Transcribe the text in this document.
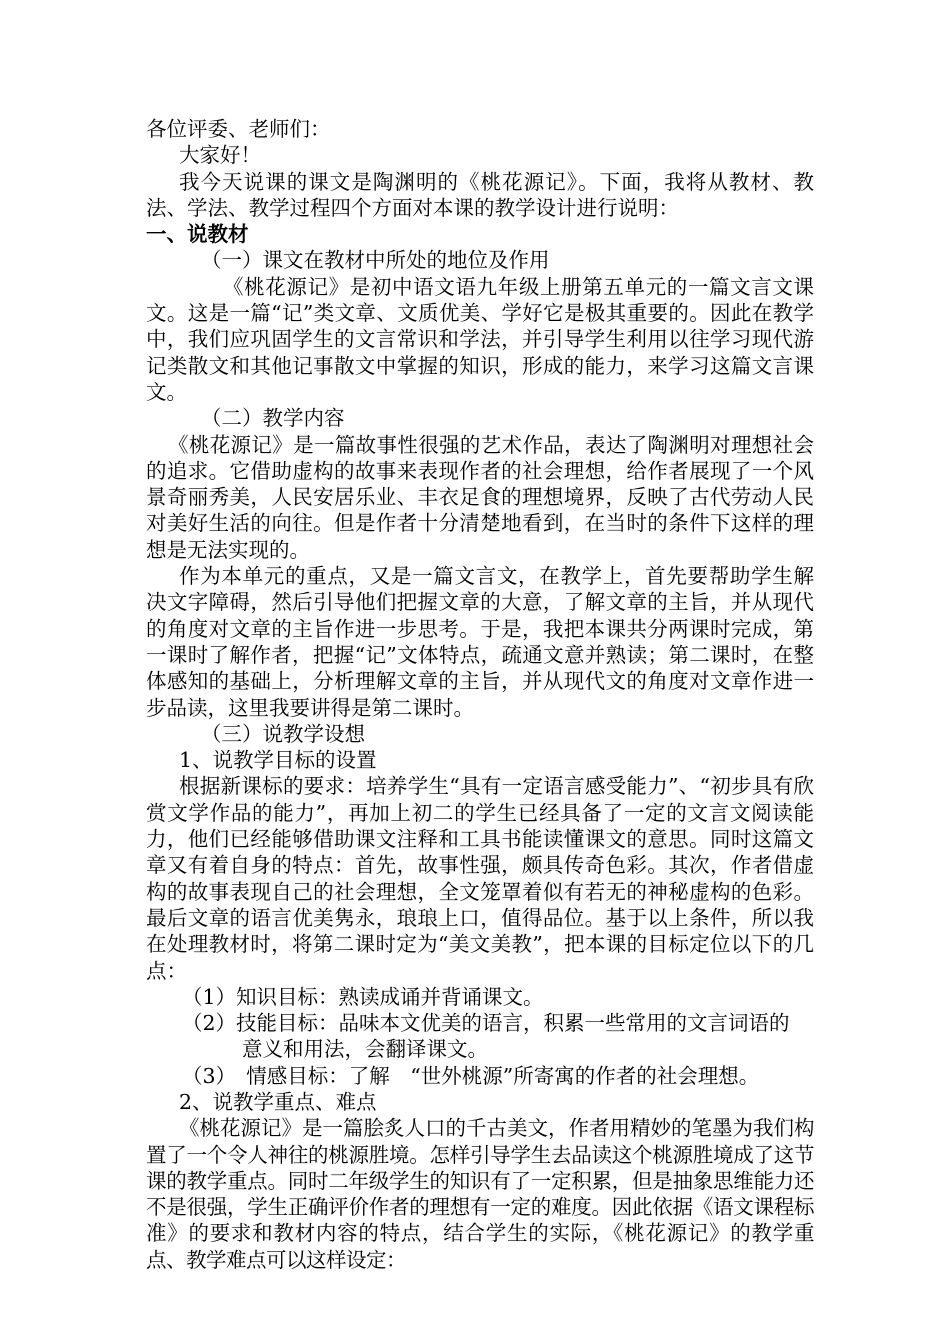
各位评委、老师们：

大家好！

我今天说课的课文是陶渊明的《桃花源记》。下面，我将从教材、教法、学法、教学过程四个方面对本课的教学设计进行说明：

一、说教材

（一）课文在教材中所处的地位及作用

《桃花源记》是初中语文语九年级上册第五单元的一篇文言文课文。这是一篇“记”类文章、文质优美、学好它是极其重要的。因此在教学中，我们应巩固学生的文言常识和学法，并引导学生利用以往学习现代游记类散文和其他记事散文中掌握的知识，形成的能力，来学习这篇文言课文。

（二）教学内容

《桃花源记》是一篇故事性很强的艺术作品，表达了陶渊明对理想社会的追求。它借助虚构的故事来表现作者的社会理想，给作者展现了一个风景奇丽秀美，人民安居乐业、丰衣足食的理想境界，反映了古代劳动人民对美好生活的向往。但是作者十分清楚地看到，在当时的条件下这样的理想是无法实现的。

作为本单元的重点，又是一篇文言文，在教学上，首先要帮助学生解决文字障碍，然后引导他们把握文章的大意，了解文章的主旨，并从现代的角度对文章的主旨作进一步思考。于是，我把本课共分两课时完成，第一课时了解作者，把握“记”文体特点，疏通文意并熟读；第二课时，在整体感知的基础上，分析理解文章的主旨，并从现代文的角度对文章作进一步品读，这里我要讲得是第二课时。

（三）说教学设想

1、说教学目标的设置

根据新课标的要求：培养学生“具有一定语言感受能力”、“初步具有欣赏文学作品的能力”，再加上初二的学生已经具备了一定的文言文阅读能力，他们已经能够借助课文注释和工具书能读懂课文的意思。同时这篇文章又有着自身的特点：首先，故事性强，颇具传奇色彩。其次，作者借虚构的故事表现自己的社会理想，全文笼罩着似有若无的神秘虚构的色彩。最后文章的语言优美隽永，琅琅上口，值得品位。基于以上条件，所以我在处理教材时，将第二课时定为“美文美教”，把本课的目标定位以下的几点：

（1）知识目标：熟读成诵并背诵课文。

（2）技能目标：品味本文优美的语言，积累一些常用的文言词语的

意义和用法，会翻译课文。

（3）　情感目标：了解　“世外桃源”所寄寓的作者的社会理想。

2、说教学重点、难点

《桃花源记》是一篇脍炙人口的千古美文，作者用精妙的笔墨为我们构置了一个令人神往的桃源胜境。怎样引导学生去品读这个桃源胜境成了这节课的教学重点。同时二年级学生的知识有了一定积累，但是抽象思维能力还不是很强，学生正确评价作者的理想有一定的难度。因此依据《语文课程标准》的要求和教材内容的特点，结合学生的实际，《桃花源记》的教学重点、教学难点可以这样设定：
